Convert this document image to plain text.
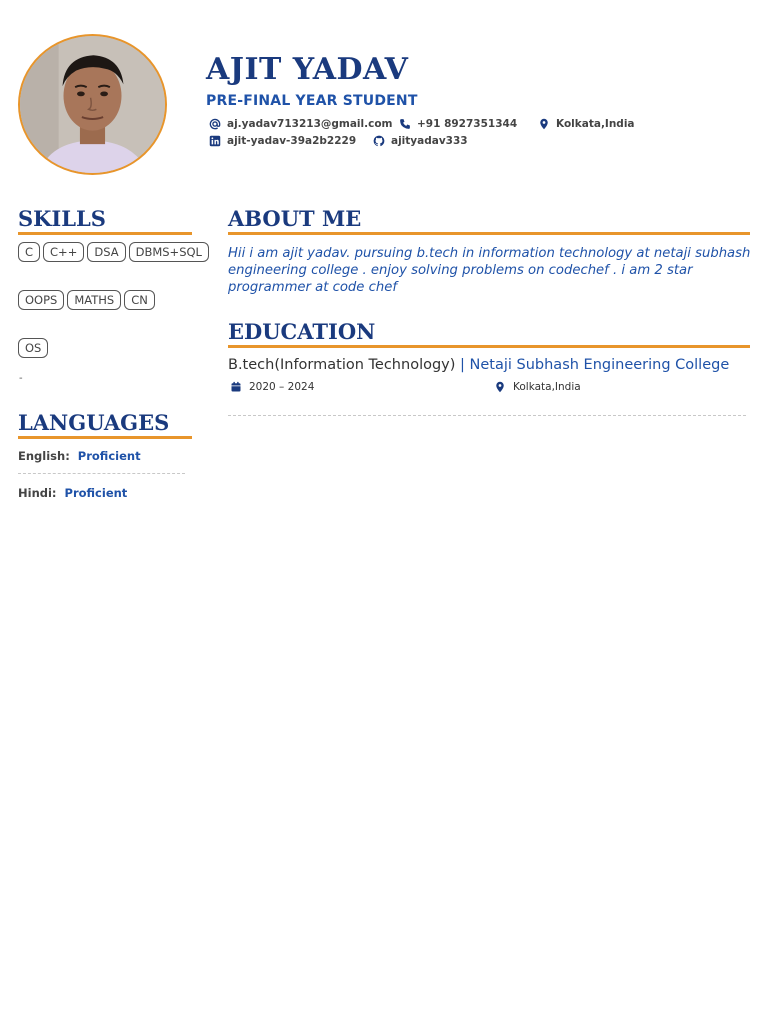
AJIT YADAV
PRE-FINAL YEAR STUDENT
aj.yadav713213@gmail.com +91 8927351344	Kolkata,India
ajit-yadav-39a2b2229	ajityadav333
SKILLS
C	C++	DSA	DBMS+SQL
OOPS	MATHS	CN
OS
-
LANGUAGES
English: Proficient
Hindi: Proficient
ABOUT ME
Hii i am ajit yadav. pursuing b.tech in information technology at netaji subhash engineering college . enjoy solving problems on codechef . i am 2 star programmer at code chef
EDUCATION
B.tech(Information Technology) | Netaji Subhash Engineering College
2020 – 2024	Kolkata,India
